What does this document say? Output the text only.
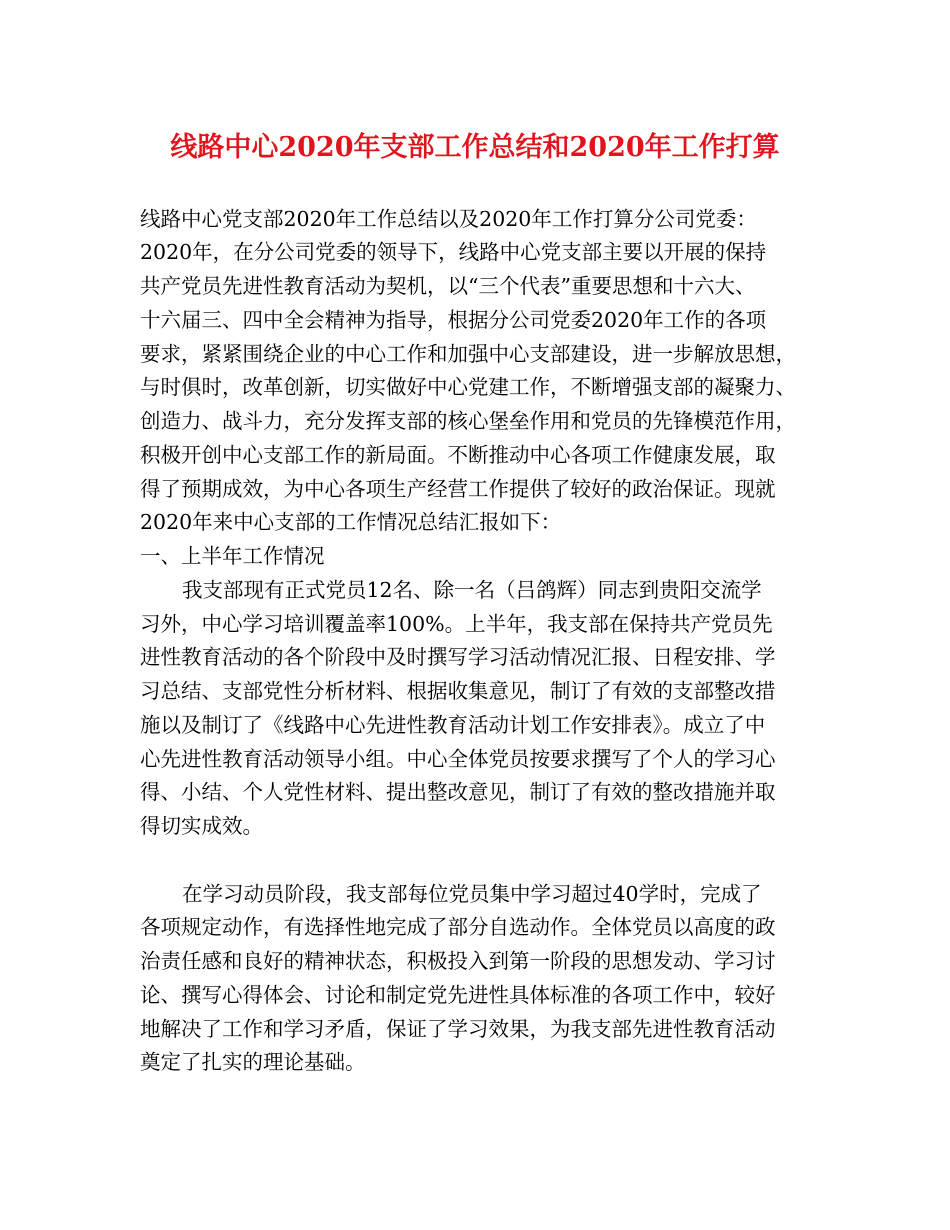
线路中心2020年支部工作总结和2020年工作打算
线路中心党支部2020年工作总结以及2020年工作打算分公司党委：
2020年，在分公司党委的领导下，线路中心党支部主要以开展的保持
共产党员先进性教育活动为契机，以“三个代表”重要思想和十六大、
十六届三、四中全会精神为指导，根据分公司党委2020年工作的各项
要求，紧紧围绕企业的中心工作和加强中心支部建设，进一步解放思想，
与时俱时，改革创新，切实做好中心党建工作，不断增强支部的凝聚力、
创造力、战斗力，充分发挥支部的核心堡垒作用和党员的先锋模范作用，
积极开创中心支部工作的新局面。不断推动中心各项工作健康发展，取
得了预期成效，为中心各项生产经营工作提供了较好的政治保证。现就
2020年来中心支部的工作情况总结汇报如下：
一、上半年工作情况
我支部现有正式党员12名、除一名（吕鸽辉）同志到贵阳交流学
习外，中心学习培训覆盖率100%。上半年，我支部在保持共产党员先
进性教育活动的各个阶段中及时撰写学习活动情况汇报、日程安排、学
习总结、支部党性分析材料、根据收集意见，制订了有效的支部整改措
施以及制订了《线路中心先进性教育活动计划工作安排表》。成立了中
心先进性教育活动领导小组。中心全体党员按要求撰写了个人的学习心
得、小结、个人党性材料、提出整改意见，制订了有效的整改措施并取
得切实成效。
在学习动员阶段，我支部每位党员集中学习超过40学时，完成了
各项规定动作，有选择性地完成了部分自选动作。全体党员以高度的政
治责任感和良好的精神状态，积极投入到第一阶段的思想发动、学习讨
论、撰写心得体会、讨论和制定党先进性具体标准的各项工作中，较好
地解决了工作和学习矛盾，保证了学习效果，为我支部先进性教育活动
奠定了扎实的理论基础。
